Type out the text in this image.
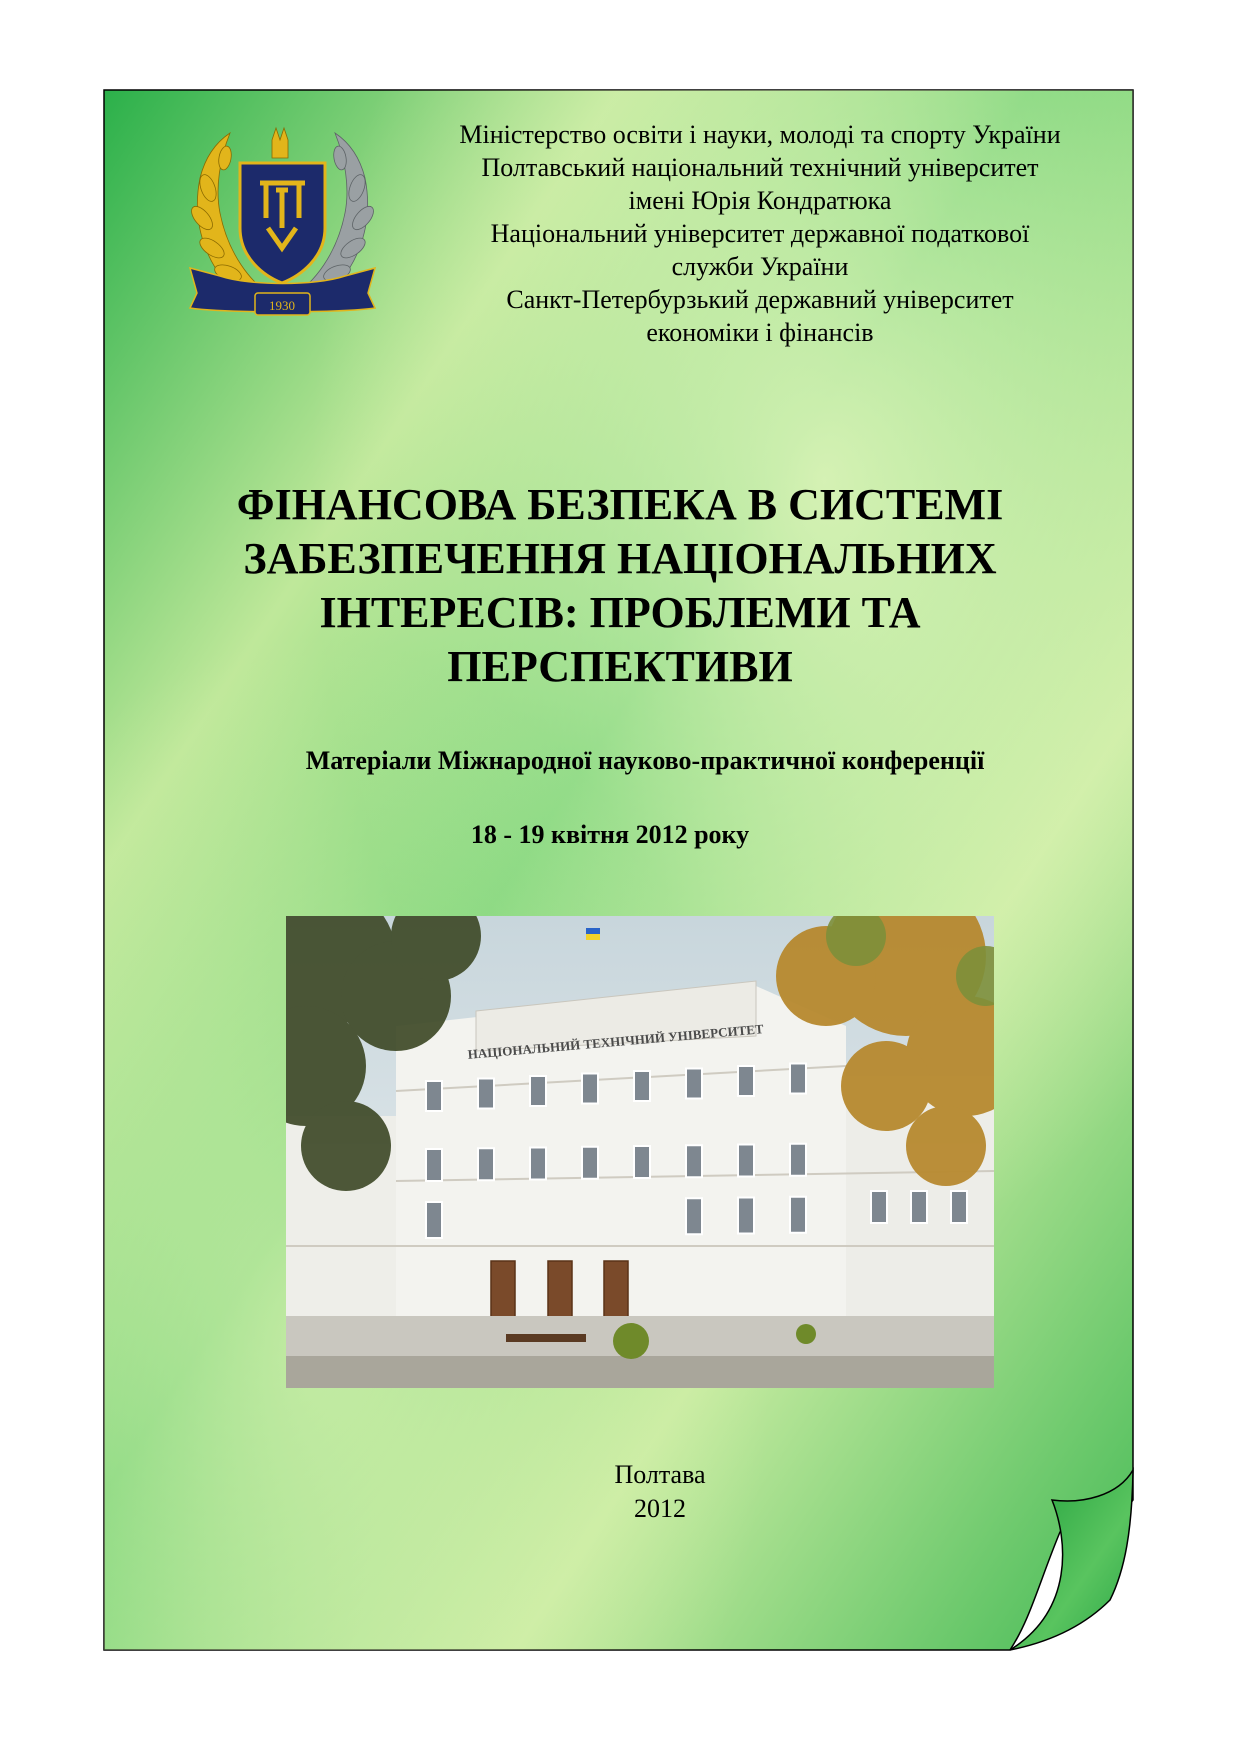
1930
Міністерство освіти і науки, молоді та спорту України
Полтавський національний технічний університет
імені Юрія Кондратюка
Національний університет державної податкової
служби України
Санкт-Петербурзький державний університет
економіки і фінансів
ФІНАНСОВА БЕЗПЕКА В СИСТЕМІ
ЗАБЕЗПЕЧЕННЯ НАЦІОНАЛЬНИХ
ІНТЕРЕСІВ: ПРОБЛЕМИ ТА
ПЕРСПЕКТИВИ
Матеріали Міжнародної науково-практичної конференції
18 - 19 квітня 2012 року
НАЦІОНАЛЬНИЙ ТЕХНІЧНИЙ УНІВЕРСИТЕТ
Полтава
2012
